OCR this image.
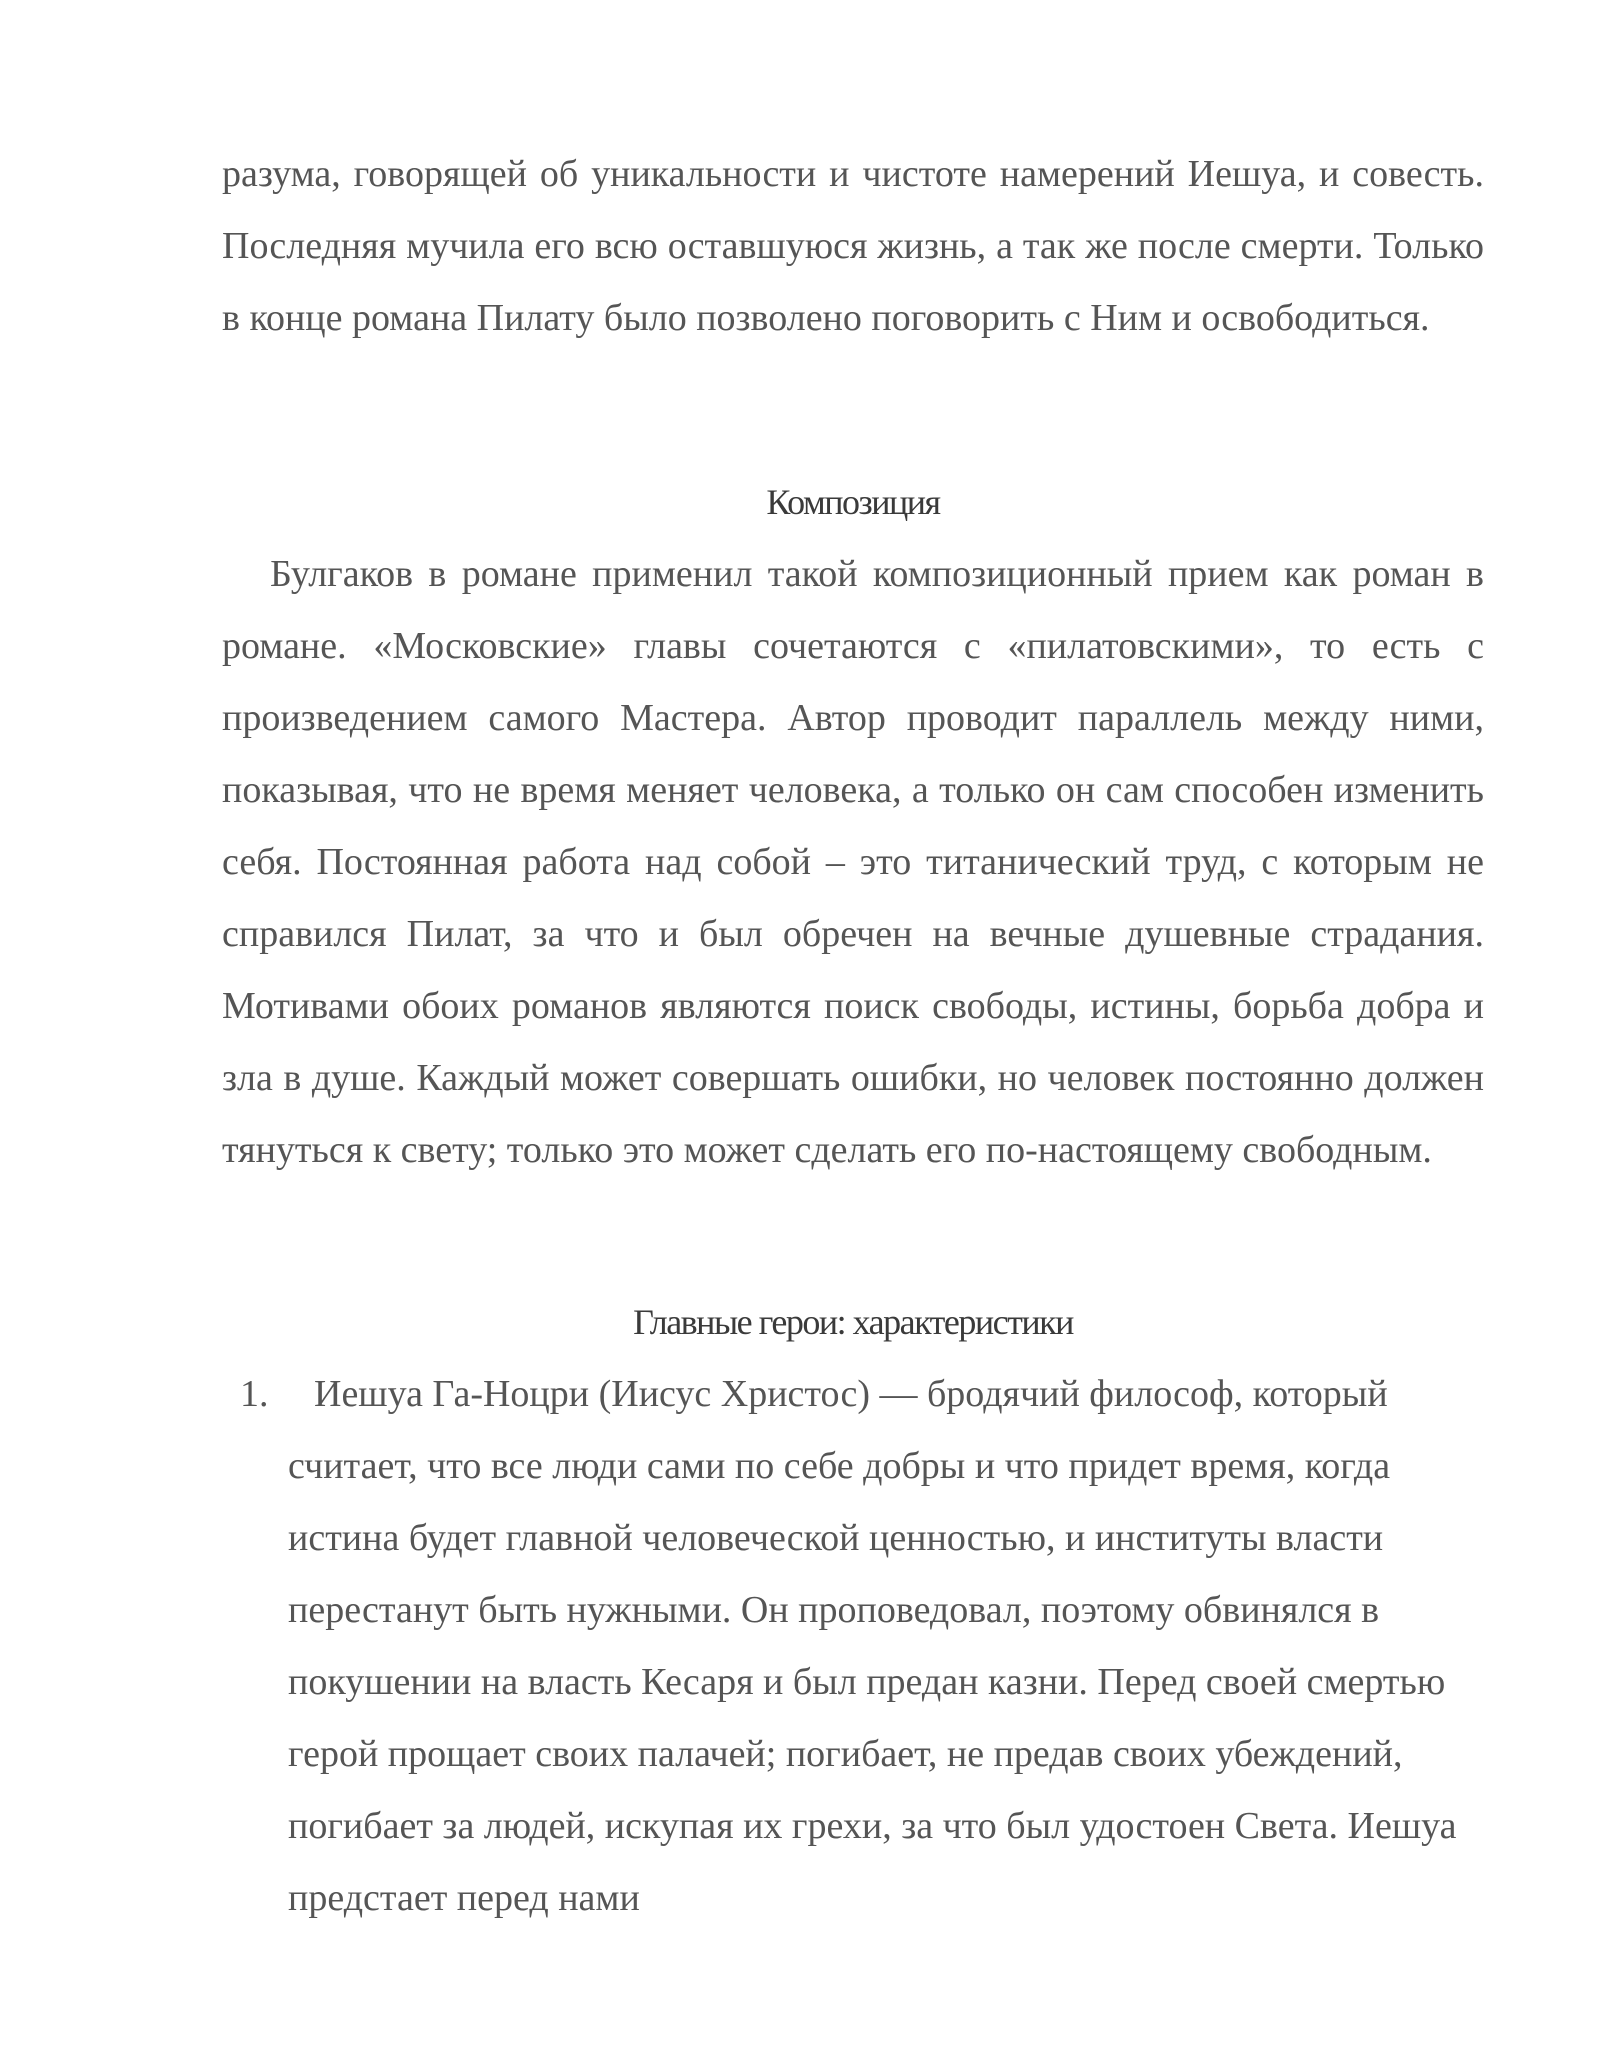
разума, говорящей об уникальности и чистоте намерений Иешуа, и совесть. Последняя мучила его всю оставшуюся жизнь, а так же после смерти. Только в конце романа Пилату было позволено поговорить с Ним и освободиться.

Композиция

Булгаков в романе применил такой композиционный прием как роман в романе. «Московские» главы сочетаются с «пилатовскими», то есть с произведением самого Мастера. Автор проводит параллель между ними, показывая, что не время меняет человека, а только он сам способен изменить себя. Постоянная работа над собой – это титанический труд, с которым не справился Пилат, за что и был обречен на вечные душевные страдания. Мотивами обоих романов являются поиск свободы, истины, борьба добра и зла в душе. Каждый может совершать ошибки, но человек постоянно должен тянуться к свету; только это может сделать его по-настоящему свободным.

Главные герои: характеристики
1.	Иешуа Га-Ноцри (Иисус Христос) — бродячий философ, который считает, что все люди сами по себе добры и что придет время, когда истина будет главной человеческой ценностью, и институты власти перестанут быть нужными. Он проповедовал, поэтому обвинялся в покушении на власть Кесаря и был предан казни. Перед своей смертью герой прощает своих палачей; погибает, не предав своих убеждений, погибает за людей, искупая их грехи, за что был удостоен Света. Иешуа предстает перед нами
